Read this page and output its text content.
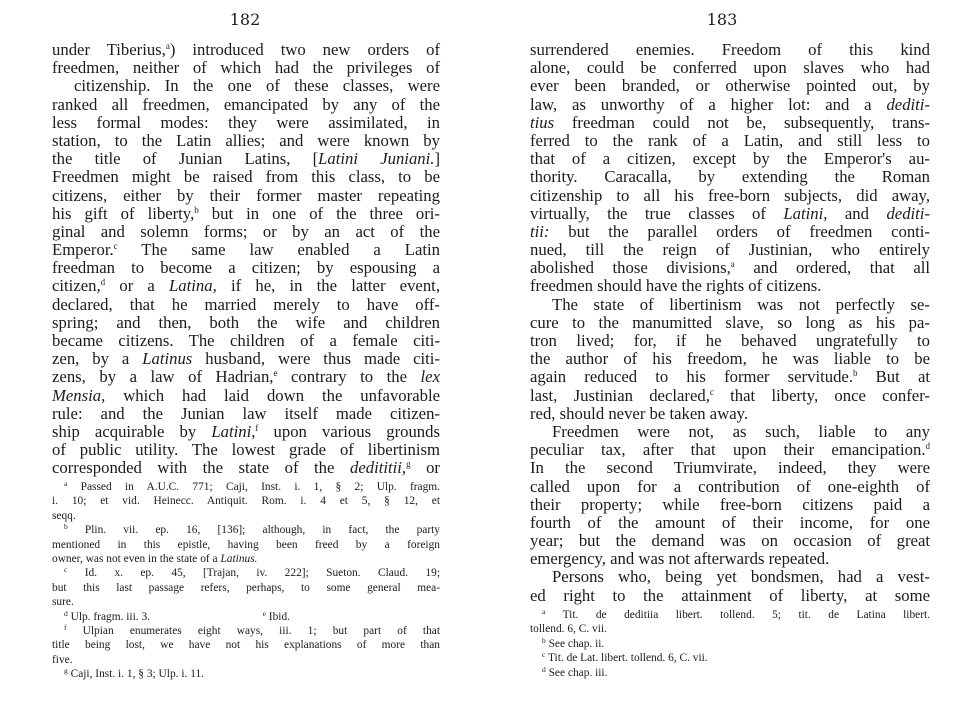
182
under Tiberius,$^a$) introduced two new orders of
freedmen, neither of which had the privileges of
citizenship. In the one of these classes, were
ranked all freedmen, emancipated by any of the
less formal modes: they were assimilated, in
station, to the Latin allies; and were known by
the title of Junian Latins, [Latini Juniani.]
Freedmen might be raised from this class, to be
citizens, either by their former master repeating
his gift of liberty,$^b$ but in one of the three ori-
ginal and solemn forms; or by an act of the
Emperor.$^c$ The same law enabled a Latin
freedman to become a citizen; by espousing a
citizen,$^d$ or a Latina, if he, in the latter event,
declared, that he married merely to have off-
spring; and then, both the wife and children
became citizens. The children of a female citi-
zen, by a Latinus husband, were thus made citi-
zens, by a law of Hadrian,$^e$ contrary to the lex
Mensia, which had laid down the unfavorable
rule: and the Junian law itself made citizen-
ship acquirable by Latini,$^f$ upon various grounds
of public utility. The lowest grade of libertinism
corresponded with the state of the dedititii,$^g$ or
$^a$ Passed in A.U.C. 771; Caji, Inst. i. 1, § 2; Ulp. fragm.
i. 10; et vid. Heinecc. Antiquit. Rom. i. 4 et 5, § 12, et
seqq.
$^b$ Plin. vii. ep. 16, [136]; although, in fact, the party
mentioned in this epistle, having been freed by a foreign
owner, was not even in the state of a Latinus.
$^c$ Id. x. ep. 45, [Trajan, iv. 222]; Sueton. Claud. 19;
but this last passage refers, perhaps, to some general mea-
sure.
$^d$ Ulp. fragm. iii. 3.	$^e$ Ibid.
$^f$ Ulpian enumerates eight ways, iii. 1; but part of that
title being lost, we have not his explanations of more than
five.
$^g$ Caji, Inst. i. 1, § 3; Ulp. i. 11.
183
surrendered enemies. Freedom of this kind
alone, could be conferred upon slaves who had
ever been branded, or otherwise pointed out, by
law, as unworthy of a higher lot: and a dediti-
tius freedman could not be, subsequently, trans-
ferred to the rank of a Latin, and still less to
that of a citizen, except by the Emperor's au-
thority. Caracalla, by extending the Roman
citizenship to all his free-born subjects, did away,
virtually, the true classes of Latini, and dediti-
tii: but the parallel orders of freedmen conti-
nued, till the reign of Justinian, who entirely
abolished those divisions,$^a$ and ordered, that all
freedmen should have the rights of citizens.
The state of libertinism was not perfectly se-
cure to the manumitted slave, so long as his pa-
tron lived; for, if he behaved ungratefully to
the author of his freedom, he was liable to be
again reduced to his former servitude.$^b$ But at
last, Justinian declared,$^c$ that liberty, once confer-
red, should never be taken away.
Freedmen were not, as such, liable to any
peculiar tax, after that upon their emancipation.$^d$
In the second Triumvirate, indeed, they were
called upon for a contribution of one-eighth of
their property; while free-born citizens paid a
fourth of the amount of their income, for one
year; but the demand was on occasion of great
emergency, and was not afterwards repeated.
Persons who, being yet bondsmen, had a vest-
ed right to the attainment of liberty, at some
$^a$ Tit. de deditiia libert. tollend. 5; tit. de Latina libert.
tollend. 6, C. vii.
$^b$ See chap. ii.
$^c$ Tit. de Lat. libert. tollend. 6, C. vii.
$^d$ See chap. iii.
